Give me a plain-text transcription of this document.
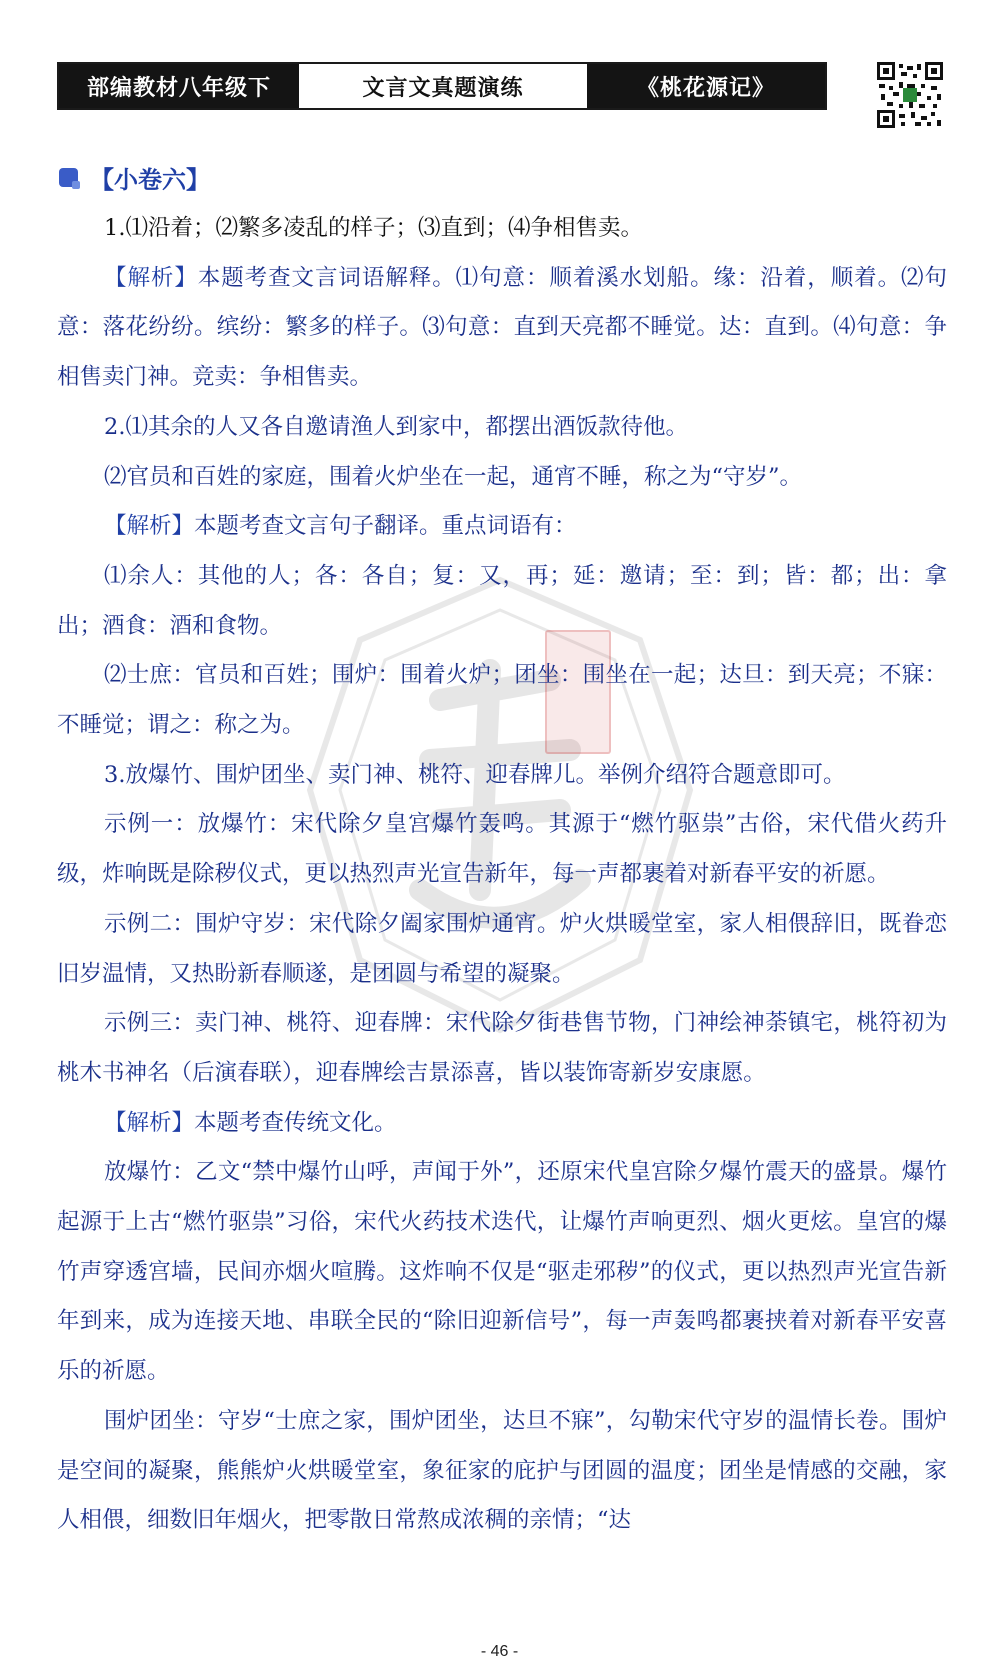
部编教材八年级下	文言文真题演练	《桃花源记》
【小卷六】

1.⑴沿着；⑵繁多凌乱的样子；⑶直到；⑷争相售卖。

【解析】本题考查文言词语解释。⑴句意：顺着溪水划船。缘：沿着，顺着。⑵句意：落花纷纷。缤纷：繁多的样子。⑶句意：直到天亮都不睡觉。达：直到。⑷句意：争相售卖门神。竞卖：争相售卖。

2.⑴其余的人又各自邀请渔人到家中，都摆出酒饭款待他。

⑵官员和百姓的家庭，围着火炉坐在一起，通宵不睡，称之为“守岁”。

【解析】本题考查文言句子翻译。重点词语有：

⑴余人：其他的人；各：各自；复：又，再；延：邀请；至：到；皆：都；出：拿出；酒食：酒和食物。

⑵士庶：官员和百姓；围炉：围着火炉；团坐：围坐在一起；达旦：到天亮；不寐：不睡觉；谓之：称之为。

3.放爆竹、围炉团坐、卖门神、桃符、迎春牌儿。举例介绍符合题意即可。

示例一：放爆竹：宋代除夕皇宫爆竹轰鸣。其源于“燃竹驱祟”古俗，宋代借火药升级，炸响既是除秽仪式，更以热烈声光宣告新年，每一声都裹着对新春平安的祈愿。

示例二：围炉守岁：宋代除夕阖家围炉通宵。炉火烘暖堂室，家人相偎辞旧，既眷恋旧岁温情，又热盼新春顺遂，是团圆与希望的凝聚。

示例三：卖门神、桃符、迎春牌：宋代除夕街巷售节物，门神绘神荼镇宅，桃符初为桃木书神名（后演春联），迎春牌绘吉景添喜，皆以装饰寄新岁安康愿。

【解析】本题考查传统文化。

放爆竹：乙文“禁中爆竹山呼，声闻于外”，还原宋代皇宫除夕爆竹震天的盛景。爆竹起源于上古“燃竹驱祟”习俗，宋代火药技术迭代，让爆竹声响更烈、烟火更炫。皇宫的爆竹声穿透宫墙，民间亦烟火喧腾。这炸响不仅是“驱走邪秽”的仪式，更以热烈声光宣告新年到来，成为连接天地、串联全民的“除旧迎新信号”，每一声轰鸣都裹挟着对新春平安喜乐的祈愿。

围炉团坐：守岁“士庶之家，围炉团坐，达旦不寐”，勾勒宋代守岁的温情长卷。围炉是空间的凝聚，熊熊炉火烘暖堂室，象征家的庇护与团圆的温度；团坐是情感的交融，家人相偎，细数旧年烟火，把零散日常熬成浓稠的亲情；“达

- 46 -
